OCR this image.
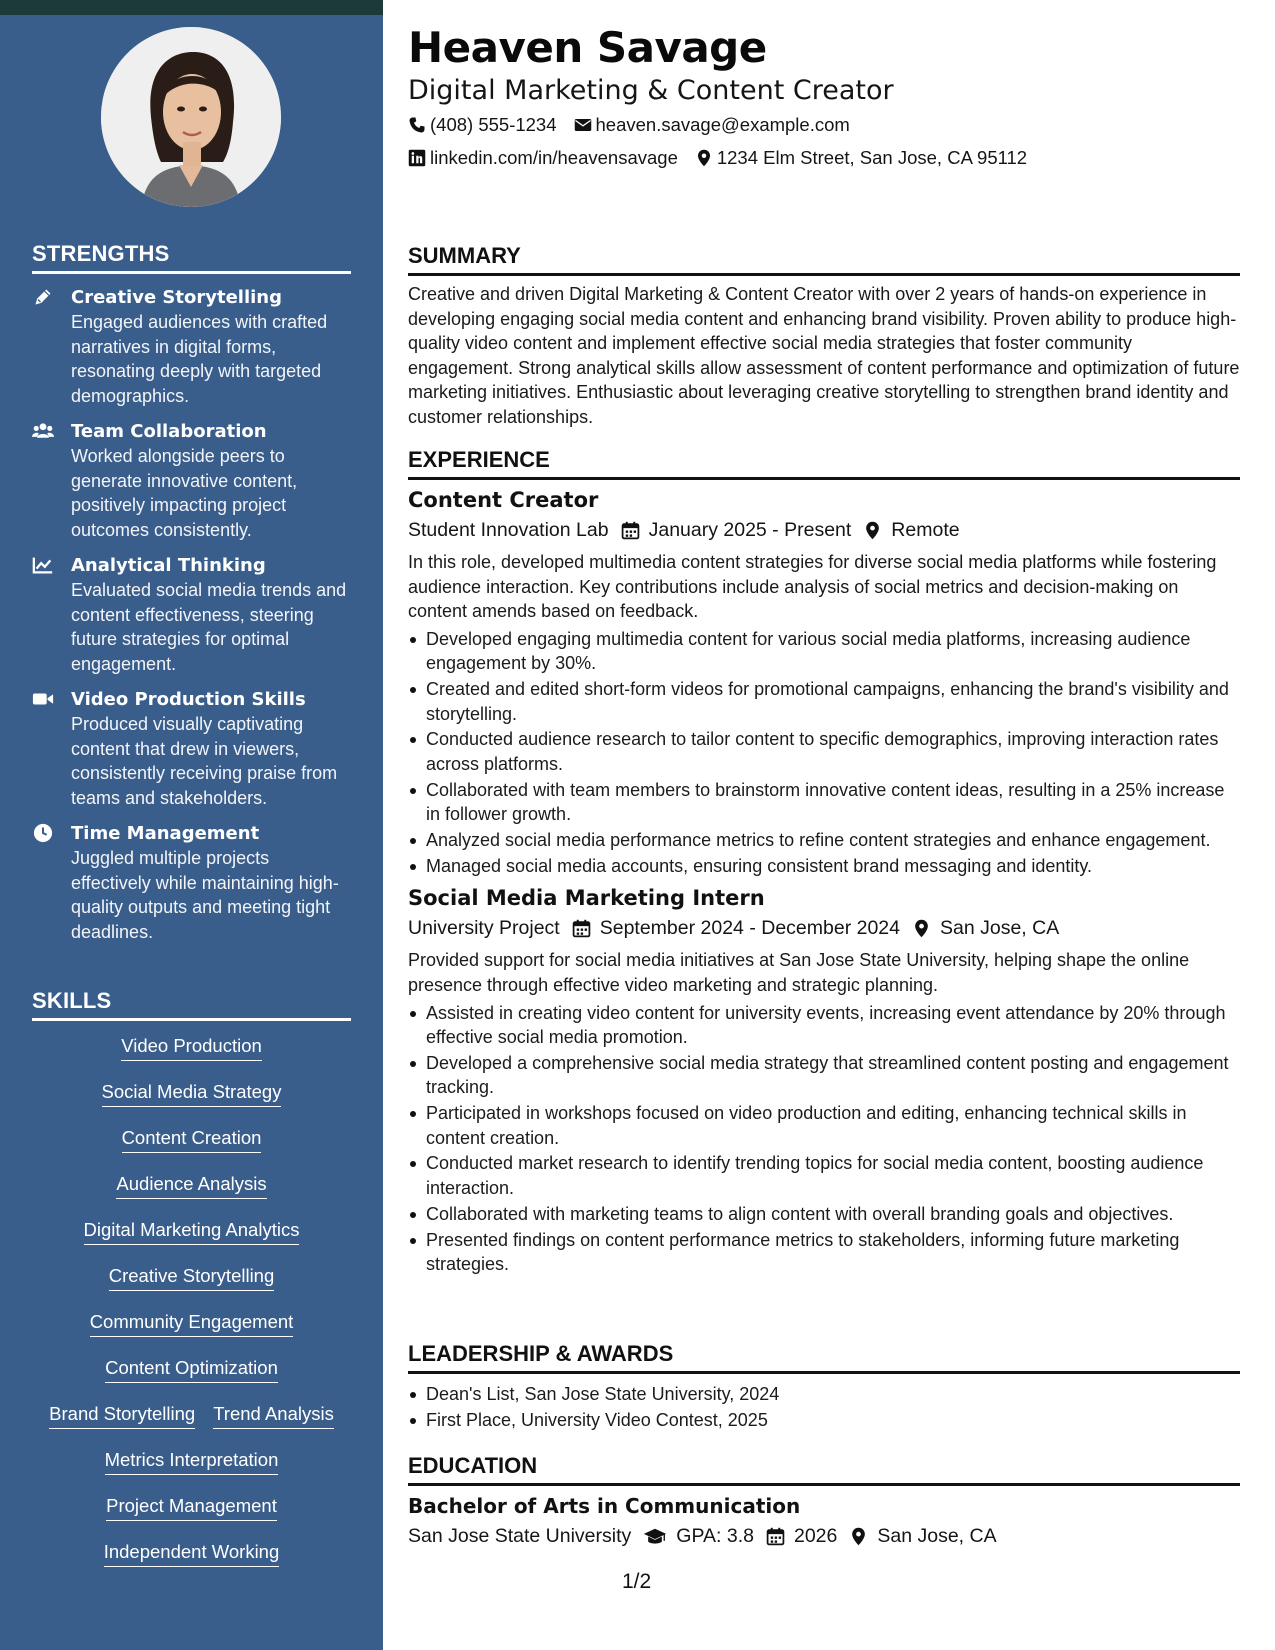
STRENGTHS
Creative Storytelling
Engaged audiences with crafted narratives in digital forms, resonating deeply with targeted demographics.
Team Collaboration
Worked alongside peers to generate innovative content, positively impacting project outcomes consistently.
Analytical Thinking
Evaluated social media trends and content effectiveness, steering future strategies for optimal engagement.
Video Production Skills
Produced visually captivating content that drew in viewers, consistently receiving praise from teams and stakeholders.
Time Management
Juggled multiple projects effectively while maintaining high-quality outputs and meeting tight deadlines.
SKILLS
Video Production
Social Media Strategy
Content Creation
Audience Analysis
Digital Marketing Analytics
Creative Storytelling
Community Engagement
Content Optimization
Brand Storytelling Trend Analysis
Metrics Interpretation
Project Management
Independent Working
Heaven Savage
Digital Marketing & Content Creator
(408) 555-1234 heaven.savage@example.com
linkedin.com/in/heavensavage 1234 Elm Street, San Jose, CA 95112
SUMMARY
Creative and driven Digital Marketing & Content Creator with over 2 years of hands-on experience in developing engaging social media content and enhancing brand visibility. Proven ability to produce high-quality video content and implement effective social media strategies that foster community engagement. Strong analytical skills allow assessment of content performance and optimization of future marketing initiatives. Enthusiastic about leveraging creative storytelling to strengthen brand identity and customer relationships.
EXPERIENCE
Content Creator
Student Innovation Lab January 2025 - Present Remote
In this role, developed multimedia content strategies for diverse social media platforms while fostering audience interaction. Key contributions include analysis of social metrics and decision-making on content amends based on feedback.
Developed engaging multimedia content for various social media platforms, increasing audience engagement by 30%.
Created and edited short-form videos for promotional campaigns, enhancing the brand's visibility and storytelling.
Conducted audience research to tailor content to specific demographics, improving interaction rates across platforms.
Collaborated with team members to brainstorm innovative content ideas, resulting in a 25% increase in follower growth.
Analyzed social media performance metrics to refine content strategies and enhance engagement.
Managed social media accounts, ensuring consistent brand messaging and identity.
Social Media Marketing Intern
University Project September 2024 - December 2024 San Jose, CA
Provided support for social media initiatives at San Jose State University, helping shape the online presence through effective video marketing and strategic planning.
Assisted in creating video content for university events, increasing event attendance by 20% through effective social media promotion.
Developed a comprehensive social media strategy that streamlined content posting and engagement tracking.
Participated in workshops focused on video production and editing, enhancing technical skills in content creation.
Conducted market research to identify trending topics for social media content, boosting audience interaction.
Collaborated with marketing teams to align content with overall branding goals and objectives.
Presented findings on content performance metrics to stakeholders, informing future marketing strategies.
LEADERSHIP & AWARDS
Dean's List, San Jose State University, 2024
First Place, University Video Contest, 2025
EDUCATION
Bachelor of Arts in Communication
San Jose State University GPA: 3.8 2026 San Jose, CA
1/2
